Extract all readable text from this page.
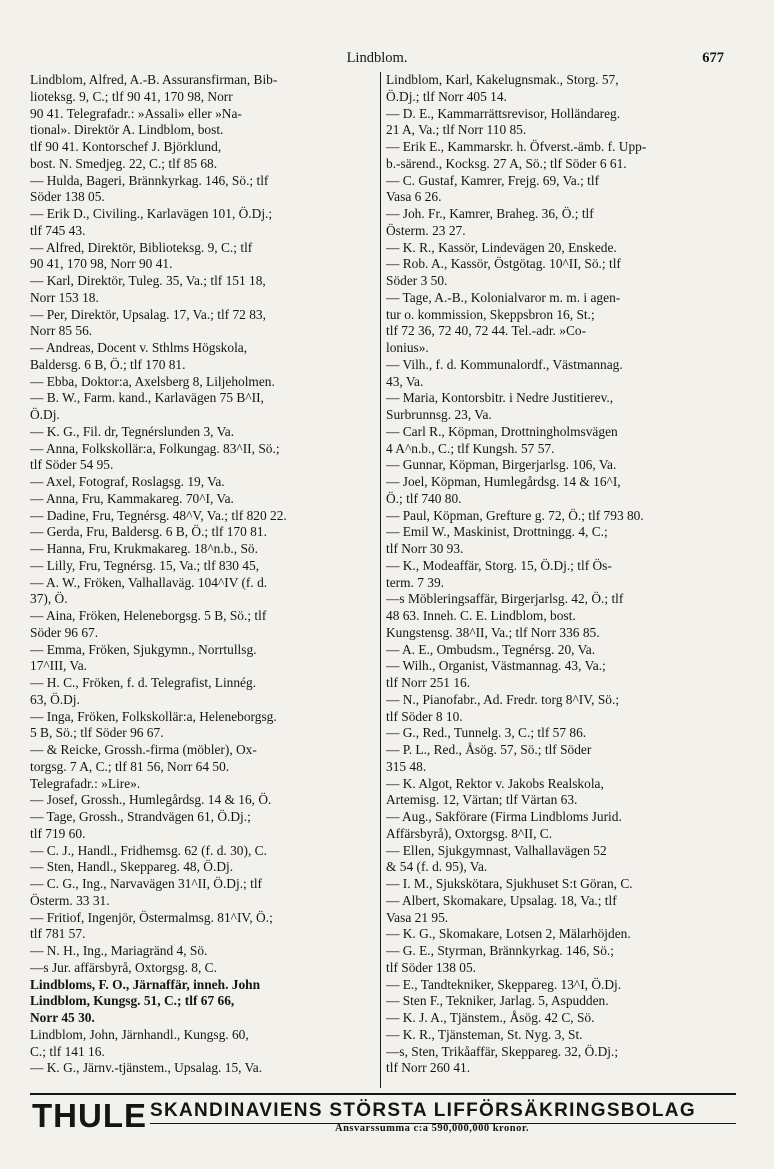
Lindblom.	677
Lindblom, Alfred, A.-B. Assuransfirman, Bib-
lioteksg. 9, C.; tlf 90 41, 170 98, Norr
90 41. Telegrafadr.: »Assali» eller »Na-
tional». Direktör A. Lindblom, bost.
tlf 90 41. Kontorschef J. Björklund,
bost. N. Smedjeg. 22, C.; tlf 85 68.
— Hulda, Bageri, Brännkyrkag. 146, Sö.; tlf
Söder 138 05.
— Erik D., Civiling., Karlavägen 101, Ö.Dj.;
tlf 745 43.
— Alfred, Direktör, Biblioteksg. 9, C.; tlf
90 41, 170 98, Norr 90 41.
— Karl, Direktör, Tuleg. 35, Va.; tlf 151 18,
Norr 153 18.
— Per, Direktör, Upsalag. 17, Va.; tlf 72 83,
Norr 85 56.
— Andreas, Docent v. Sthlms Högskola,
Baldersg. 6 B, Ö.; tlf 170 81.
— Ebba, Doktor:a, Axelsberg 8, Liljeholmen.
— B. W., Farm. kand., Karlavägen 75 B^II,
Ö.Dj.
— K. G., Fil. dr, Tegnérslunden 3, Va.
— Anna, Folkskollär:a, Folkungag. 83^II, Sö.;
tlf Söder 54 95.
— Axel, Fotograf, Roslagsg. 19, Va.
— Anna, Fru, Kammakareg. 70^I, Va.
— Dadine, Fru, Tegnérsg. 48^V, Va.; tlf 820 22.
— Gerda, Fru, Baldersg. 6 B, Ö.; tlf 170 81.
— Hanna, Fru, Krukmakareg. 18^n.b., Sö.
— Lilly, Fru, Tegnérsg. 15, Va.; tlf 830 45,
— A. W., Fröken, Valhallaväg. 104^IV (f. d.
37), Ö.
— Aina, Fröken, Heleneborgsg. 5 B, Sö.; tlf
Söder 96 67.
— Emma, Fröken, Sjukgymn., Norrtullsg.
17^III, Va.
— H. C., Fröken, f. d. Telegrafist, Linnég.
63, Ö.Dj.
— Inga, Fröken, Folkskollär:a, Heleneborgsg.
5 B, Sö.; tlf Söder 96 67.
— & Reicke, Grossh.-firma (möbler), Ox-
torgsg. 7 A, C.; tlf 81 56, Norr 64 50.
Telegrafadr.: »Lire».
— Josef, Grossh., Humlegårdsg. 14 & 16, Ö.
— Tage, Grossh., Strandvägen 61, Ö.Dj.;
tlf 719 60.
— C. J., Handl., Fridhemsg. 62 (f. d. 30), C.
— Sten, Handl., Skeppareg. 48, Ö.Dj.
— C. G., Ing., Narvavägen 31^II, Ö.Dj.; tlf
Österm. 33 31.
— Fritiof, Ingenjör, Östermalmsg. 81^IV, Ö.;
tlf 781 57.
— N. H., Ing., Mariagränd 4, Sö.
—s Jur. affärsbyrå, Oxtorgsg. 8, C.
Lindbloms, F. O., Järnaffär, inneh. John
Lindblom, Kungsg. 51, C.; tlf 67 66,
Norr 45 30.
Lindblom, John, Järnhandl., Kungsg. 60,
C.; tlf 141 16.
— K. G., Järnv.-tjänstem., Upsalag. 15, Va.
Lindblom, Karl, Kakelugnsmak., Storg. 57,
Ö.Dj.; tlf Norr 405 14.
— D. E., Kammarrättsrevisor, Holländareg.
21 A, Va.; tlf Norr 110 85.
— Erik E., Kammarskr. h. Öfverst.-ämb. f. Upp-
b.-särend., Kocksg. 27 A, Sö.; tlf Söder 6 61.
— C. Gustaf, Kamrer, Frejg. 69, Va.; tlf
Vasa 6 26.
— Joh. Fr., Kamrer, Braheg. 36, Ö.; tlf
Österm. 23 27.
— K. R., Kassör, Lindevägen 20, Enskede.
— Rob. A., Kassör, Östgötag. 10^II, Sö.; tlf
Söder 3 50.
— Tage, A.-B., Kolonialvaror m. m. i agen-
tur o. kommission, Skeppsbron 16, St.;
tlf 72 36, 72 40, 72 44. Tel.-adr. »Co-
lonius».
— Vilh., f. d. Kommunalordf., Västmannag.
43, Va.
— Maria, Kontorsbitr. i Nedre Justitierev.,
Surbrunnsg. 23, Va.
— Carl R., Köpman, Drottningholmsvägen
4 A^n.b., C.; tlf Kungsh. 57 57.
— Gunnar, Köpman, Birgerjarlsg. 106, Va.
— Joel, Köpman, Humlegårdsg. 14 & 16^I,
Ö.; tlf 740 80.
— Paul, Köpman, Grefture g. 72, Ö.; tlf 793 80.
— Emil W., Maskinist, Drottningg. 4, C.;
tlf Norr 30 93.
— K., Modeaffär, Storg. 15, Ö.Dj.; tlf Ös-
term. 7 39.
—s Möbleringsaffär, Birgerjarlsg. 42, Ö.; tlf
48 63. Inneh. C. E. Lindblom, bost.
Kungstensg. 38^II, Va.; tlf Norr 336 85.
— A. E., Ombudsm., Tegnérsg. 20, Va.
— Wilh., Organist, Västmannag. 43, Va.;
tlf Norr 251 16.
— N., Pianofabr., Ad. Fredr. torg 8^IV, Sö.;
tlf Söder 8 10.
— G., Red., Tunnelg. 3, C.; tlf 57 86.
— P. L., Red., Åsög. 57, Sö.; tlf Söder
315 48.
— K. Algot, Rektor v. Jakobs Realskola,
Artemisg. 12, Värtan; tlf Värtan 63.
— Aug., Sakförare (Firma Lindbloms Jurid.
Affärsbyrå), Oxtorgsg. 8^II, C.
— Ellen, Sjukgymnast, Valhallavägen 52
& 54 (f. d. 95), Va.
— I. M., Sjukskötara, Sjukhuset S:t Göran, C.
— Albert, Skomakare, Upsalag. 18, Va.; tlf
Vasa 21 95.
— K. G., Skomakare, Lotsen 2, Mälarhöjden.
— G. E., Styrman, Brännkyrkag. 146, Sö.;
tlf Söder 138 05.
— E., Tandtekniker, Skeppareg. 13^I, Ö.Dj.
— Sten F., Tekniker, Jarlag. 5, Aspudden.
— K. J. A., Tjänstem., Åsög. 42 C, Sö.
— K. R., Tjänsteman, St. Nyg. 3, St.
—s, Sten, Trikåaffär, Skeppareg. 32, Ö.Dj.;
tlf Norr 260 41.
THULE SKANDINAVIENS STÖRSTA LIFFÖRSÄKRINGSBOLAG
Ansvarssumma c:a 590,000,000 kronor.
